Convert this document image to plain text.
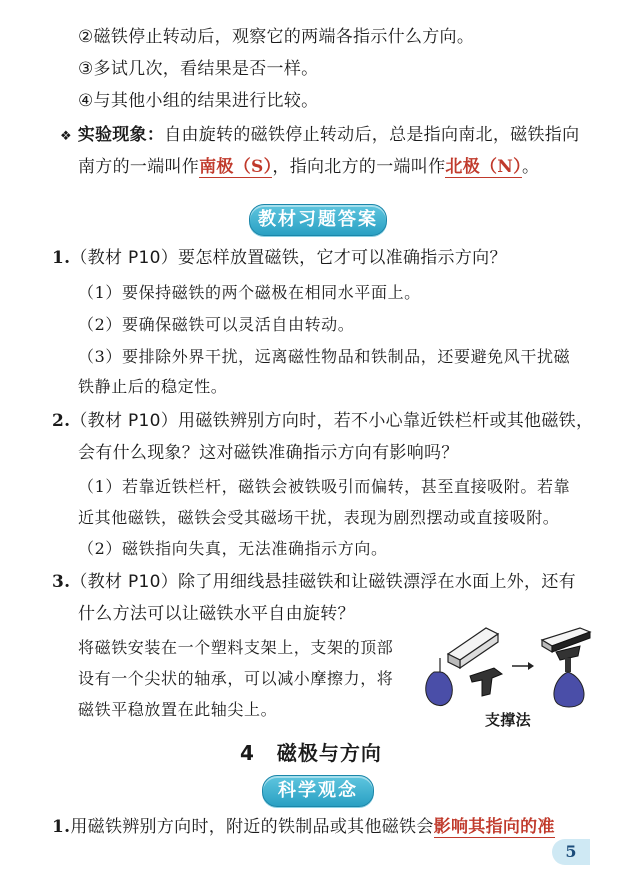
②磁铁停止转动后，观察它的两端各指示什么方向。
③多试几次，看结果是否一样。
④与其他小组的结果进行比较。
❖ 实验现象：自由旋转的磁铁停止转动后，总是指向南北，磁铁指向
南方的一端叫作南极（S），指向北方的一端叫作北极（N）。
教材习题答案
1.（教材 P10）要怎样放置磁铁，它才可以准确指示方向？
（1）要保持磁铁的两个磁极在相同水平面上。
（2）要确保磁铁可以灵活自由转动。
（3）要排除外界干扰，远离磁性物品和铁制品，还要避免风干扰磁
铁静止后的稳定性。
2.（教材 P10）用磁铁辨别方向时，若不小心靠近铁栏杆或其他磁铁，
会有什么现象？这对磁铁准确指示方向有影响吗？
（1）若靠近铁栏杆，磁铁会被铁吸引而偏转，甚至直接吸附。若靠
近其他磁铁，磁铁会受其磁场干扰，表现为剧烈摆动或直接吸附。
（2）磁铁指向失真，无法准确指示方向。
3.（教材 P10）除了用细线悬挂磁铁和让磁铁漂浮在水面上外，还有
什么方法可以让磁铁水平自由旋转？
将磁铁安装在一个塑料支架上，支架的顶部
设有一个尖状的轴承，可以减小摩擦力，将
磁铁平稳放置在此轴尖上。
支撑法
4 磁极与方向
科学观念
1.用磁铁辨别方向时，附近的铁制品或其他磁铁会影响其指向的准
5
